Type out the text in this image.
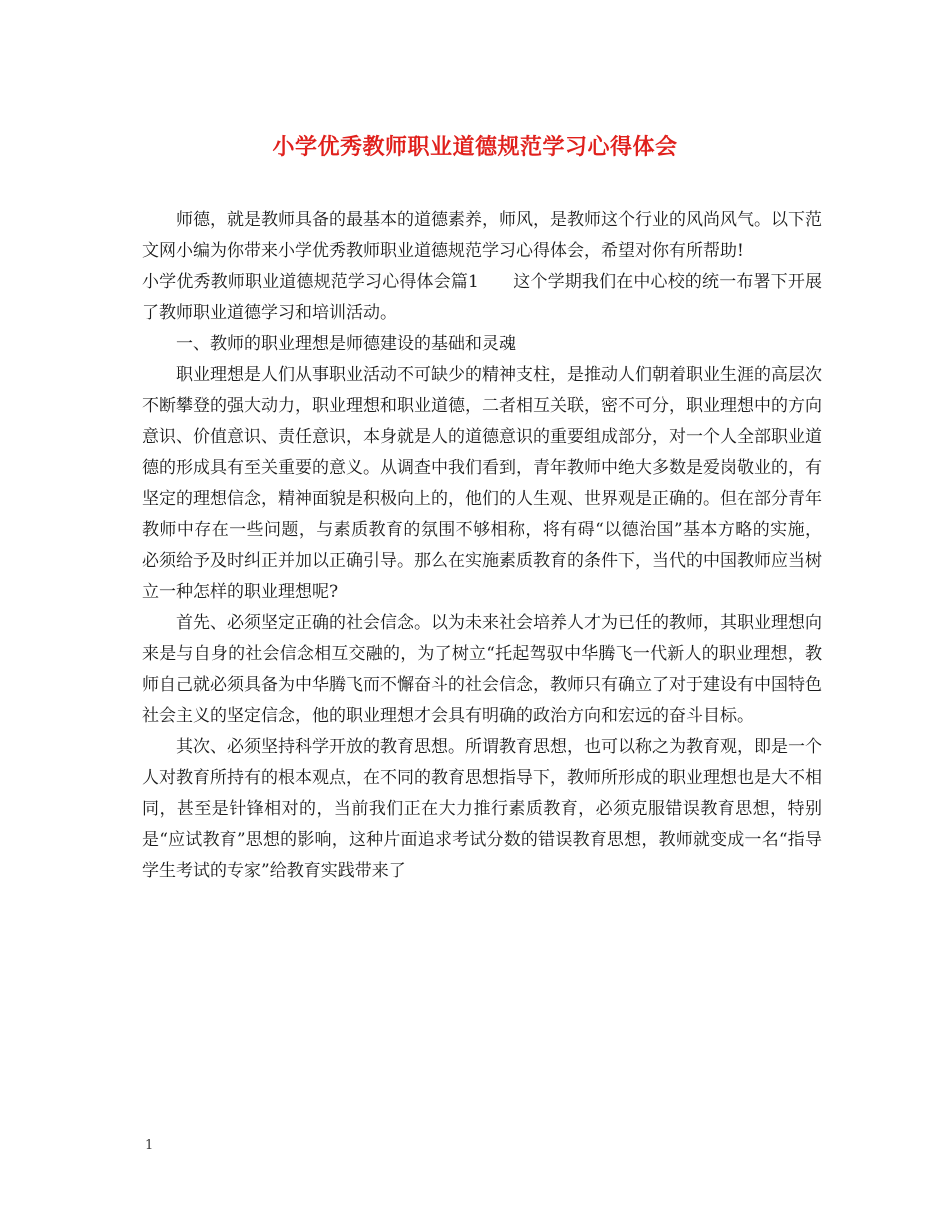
小学优秀教师职业道德规范学习心得体会

师德，就是教师具备的最基本的道德素养，师风，是教师这个行业的风尚风气。以下范文网小编为你带来小学优秀教师职业道德规范学习心得体会，希望对你有所帮助!

小学优秀教师职业道德规范学习心得体会篇1　　这个学期我们在中心校的统一布署下开展了教师职业道德学习和培训活动。

一、教师的职业理想是师德建设的基础和灵魂

职业理想是人们从事职业活动不可缺少的精神支柱，是推动人们朝着职业生涯的高层次不断攀登的强大动力，职业理想和职业道德，二者相互关联，密不可分，职业理想中的方向意识、价值意识、责任意识，本身就是人的道德意识的重要组成部分，对一个人全部职业道德的形成具有至关重要的意义。从调查中我们看到，青年教师中绝大多数是爱岗敬业的，有坚定的理想信念，精神面貌是积极向上的，他们的人生观、世界观是正确的。但在部分青年教师中存在一些问题，与素质教育的氛围不够相称，将有碍“以德治国”基本方略的实施，必须给予及时纠正并加以正确引导。那么在实施素质教育的条件下，当代的中国教师应当树立一种怎样的职业理想呢?

首先、必须坚定正确的社会信念。以为未来社会培养人才为已任的教师，其职业理想向来是与自身的社会信念相互交融的，为了树立“托起驾驭中华腾飞一代新人的职业理想，教师自己就必须具备为中华腾飞而不懈奋斗的社会信念，教师只有确立了对于建设有中国特色社会主义的坚定信念，他的职业理想才会具有明确的政治方向和宏远的奋斗目标。

其次、必须坚持科学开放的教育思想。所谓教育思想，也可以称之为教育观，即是一个人对教育所持有的根本观点，在不同的教育思想指导下，教师所形成的职业理想也是大不相同，甚至是针锋相对的，当前我们正在大力推行素质教育，必须克服错误教育思想，特别是“应试教育”思想的影响，这种片面追求考试分数的错误教育思想，教师就变成一名“指导学生考试的专家”给教育实践带来了

1
